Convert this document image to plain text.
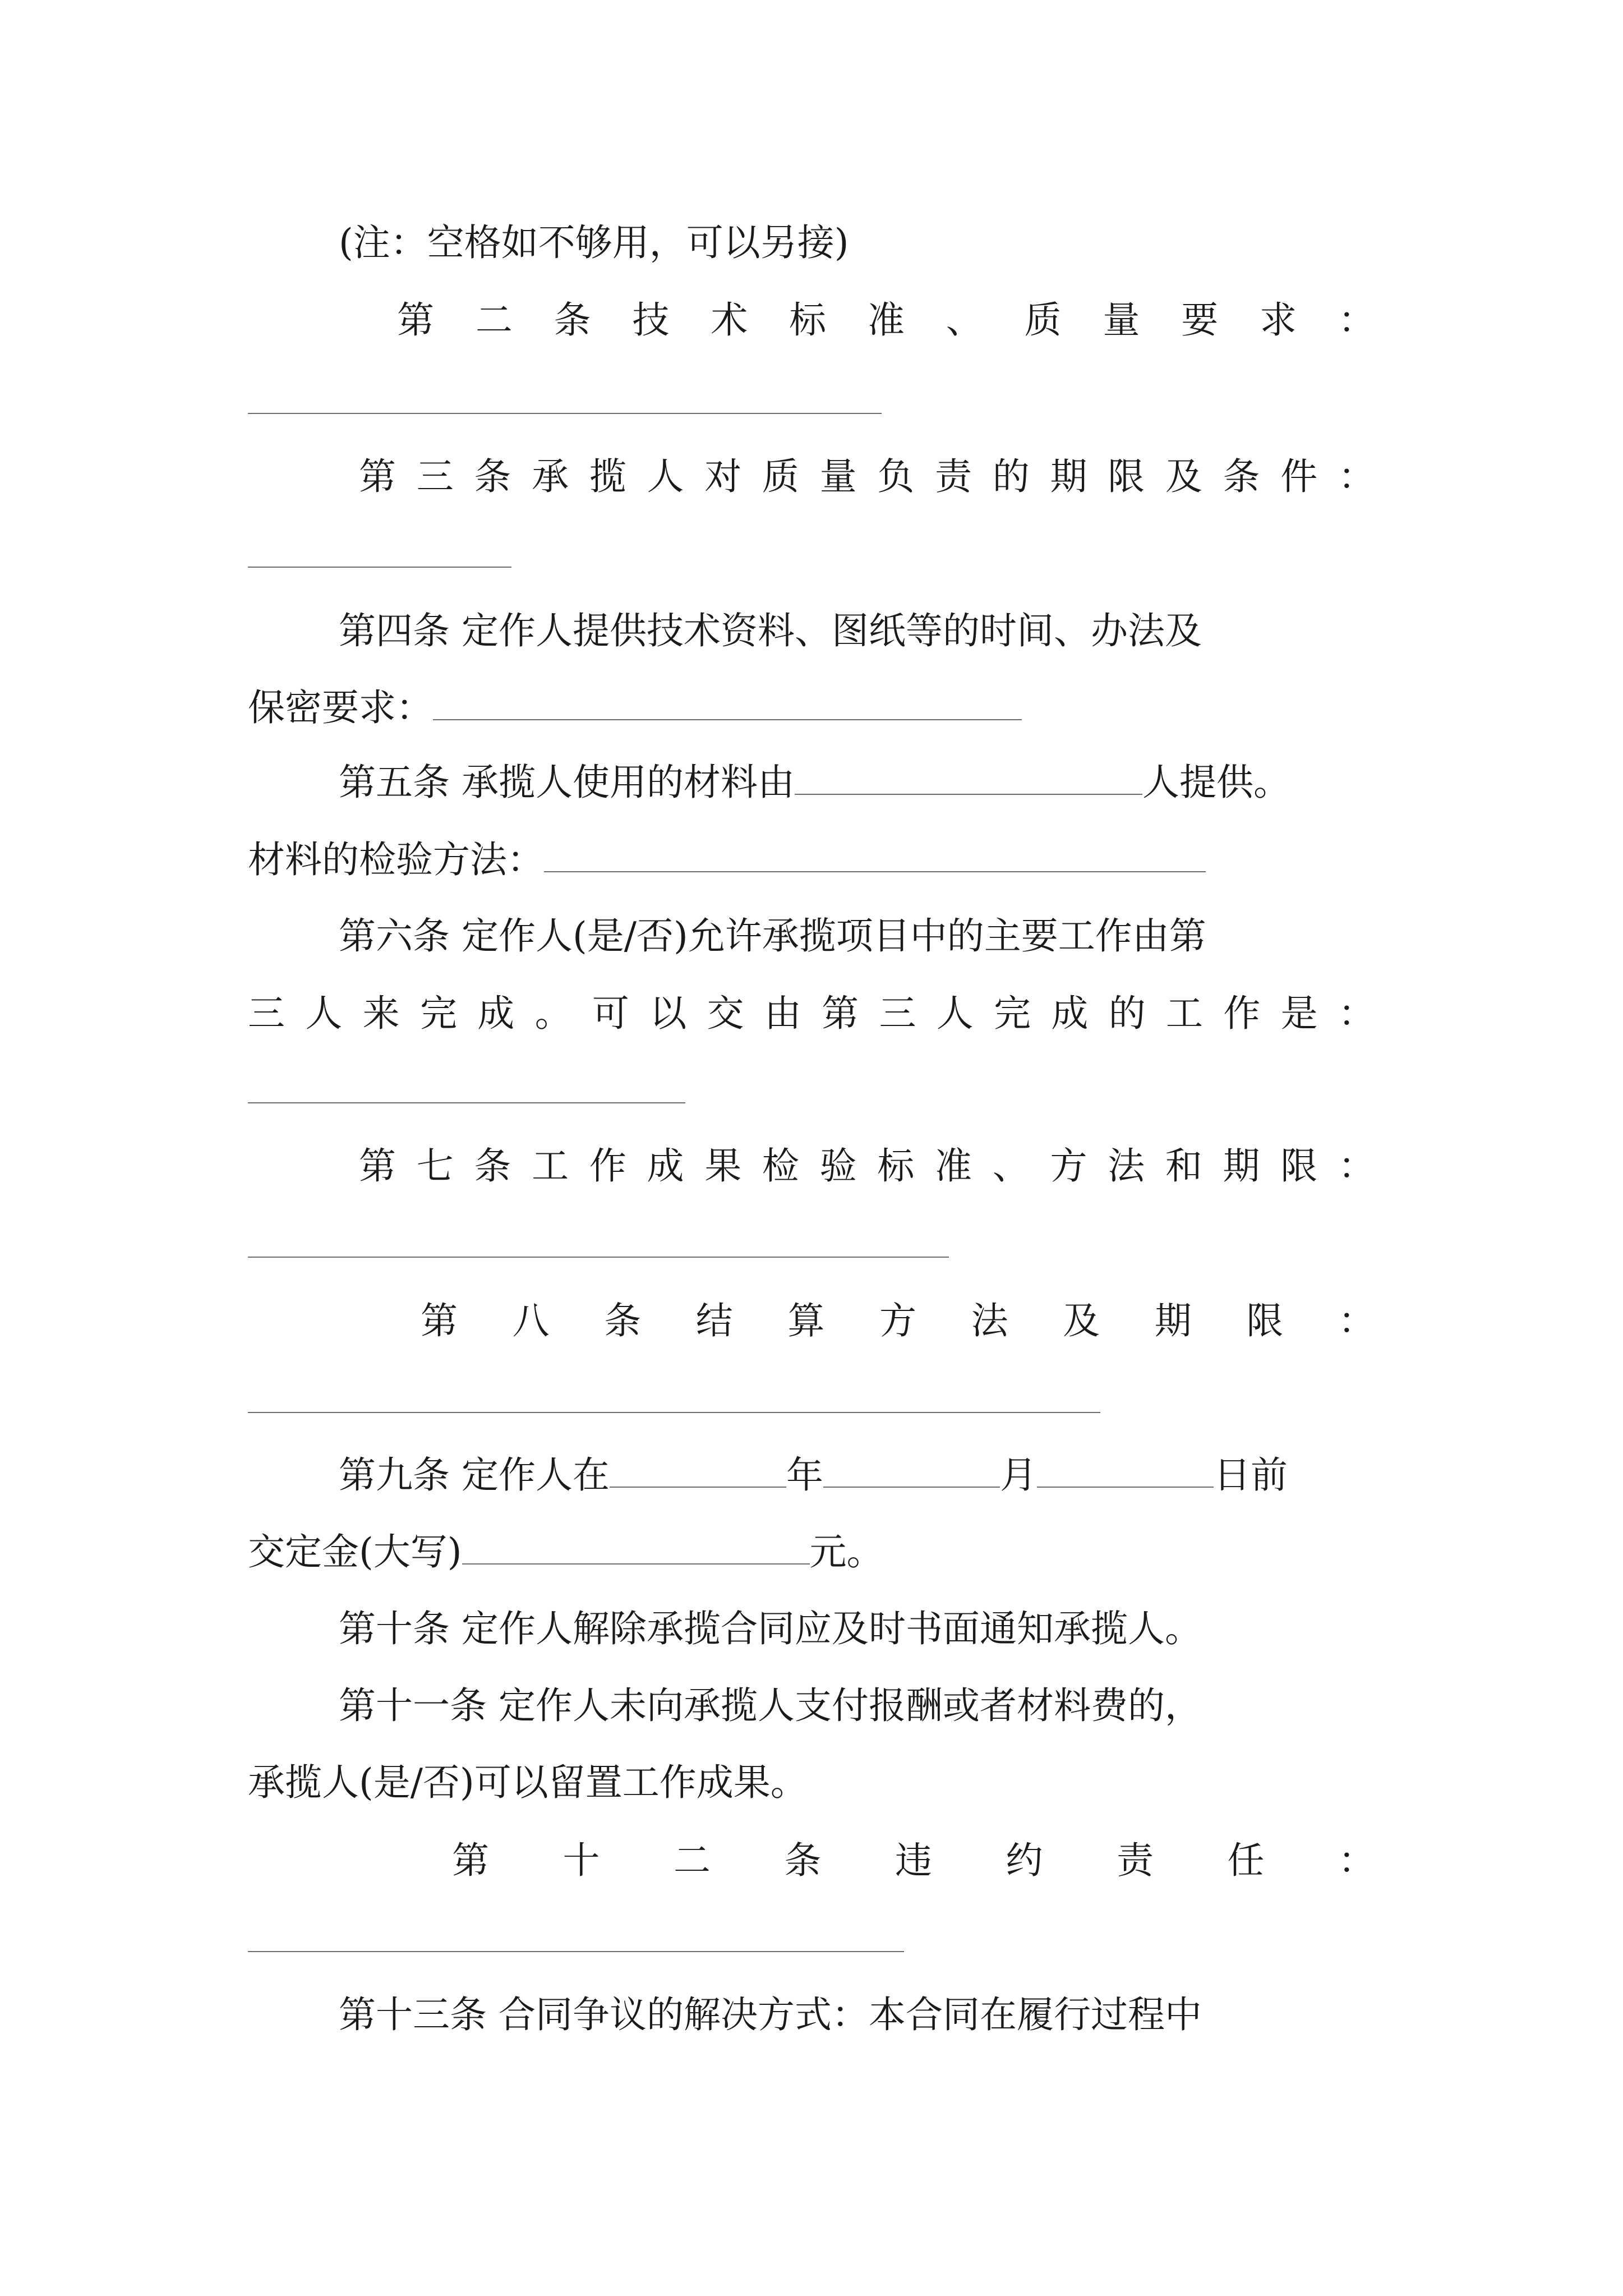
(注：空格如不够用，可以另接)
第 二 条 技 术 标 准 、 质 量 要 求 ：
第 三 条 承 揽 人 对 质 量 负 责 的 期 限 及 条 件 ：
第四条 定作人提供技术资料、图纸等的时间、办法及
保密要求：
第五条 承揽人使用的材料由	人提供。
材料的检验方法：
第六条 定作人(是/否)允许承揽项目中的主要工作由第
三 人 来 完 成 。 可 以 交 由 第 三 人 完 成 的 工 作 是 ：
第 七 条 工 作 成 果 检 验 标 准 、 方 法 和 期 限 ：
第 八 条 结 算 方 法 及 期 限 ：
第九条 定作人在	年	月	日前
交定金(大写)	元。
第十条 定作人解除承揽合同应及时书面通知承揽人。
第十一条 定作人未向承揽人支付报酬或者材料费的，
承揽人(是/否)可以留置工作成果。
第 十 二 条 违 约 责 任 ：
第十三条 合同争议的解决方式：本合同在履行过程中
